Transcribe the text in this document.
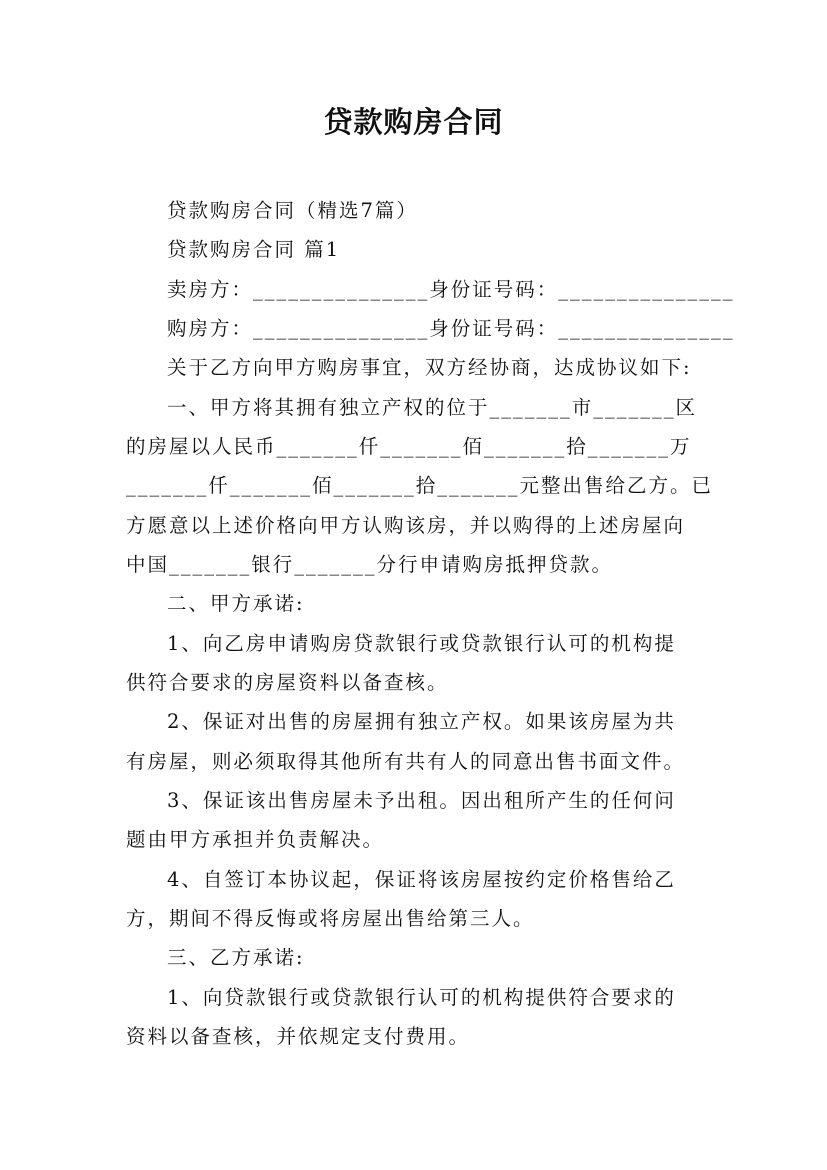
贷款购房合同
贷款购房合同（精选7篇）
贷款购房合同 篇1
卖房方：_______________身份证号码：_______________
购房方：_______________身份证号码：_______________
关于乙方向甲方购房事宜，双方经协商，达成协议如下:
一、甲方将其拥有独立产权的位于_______市_______区
的房屋以人民币_______仟_______佰_______拾_______万
_______仟_______佰_______拾_______元整出售给乙方。已
方愿意以上述价格向甲方认购该房，并以购得的上述房屋向
中国_______银行_______分行申请购房抵押贷款。
二、甲方承诺:
1、向乙房申请购房贷款银行或贷款银行认可的机构提
供符合要求的房屋资料以备查核。
2、保证对出售的房屋拥有独立产权。如果该房屋为共
有房屋，则必须取得其他所有共有人的同意出售书面文件。
3、保证该出售房屋未予出租。因出租所产生的任何问
题由甲方承担并负责解决。
4、自签订本协议起，保证将该房屋按约定价格售给乙
方，期间不得反悔或将房屋出售给第三人。
三、乙方承诺:
1、向贷款银行或贷款银行认可的机构提供符合要求的
资料以备查核，并依规定支付费用。
